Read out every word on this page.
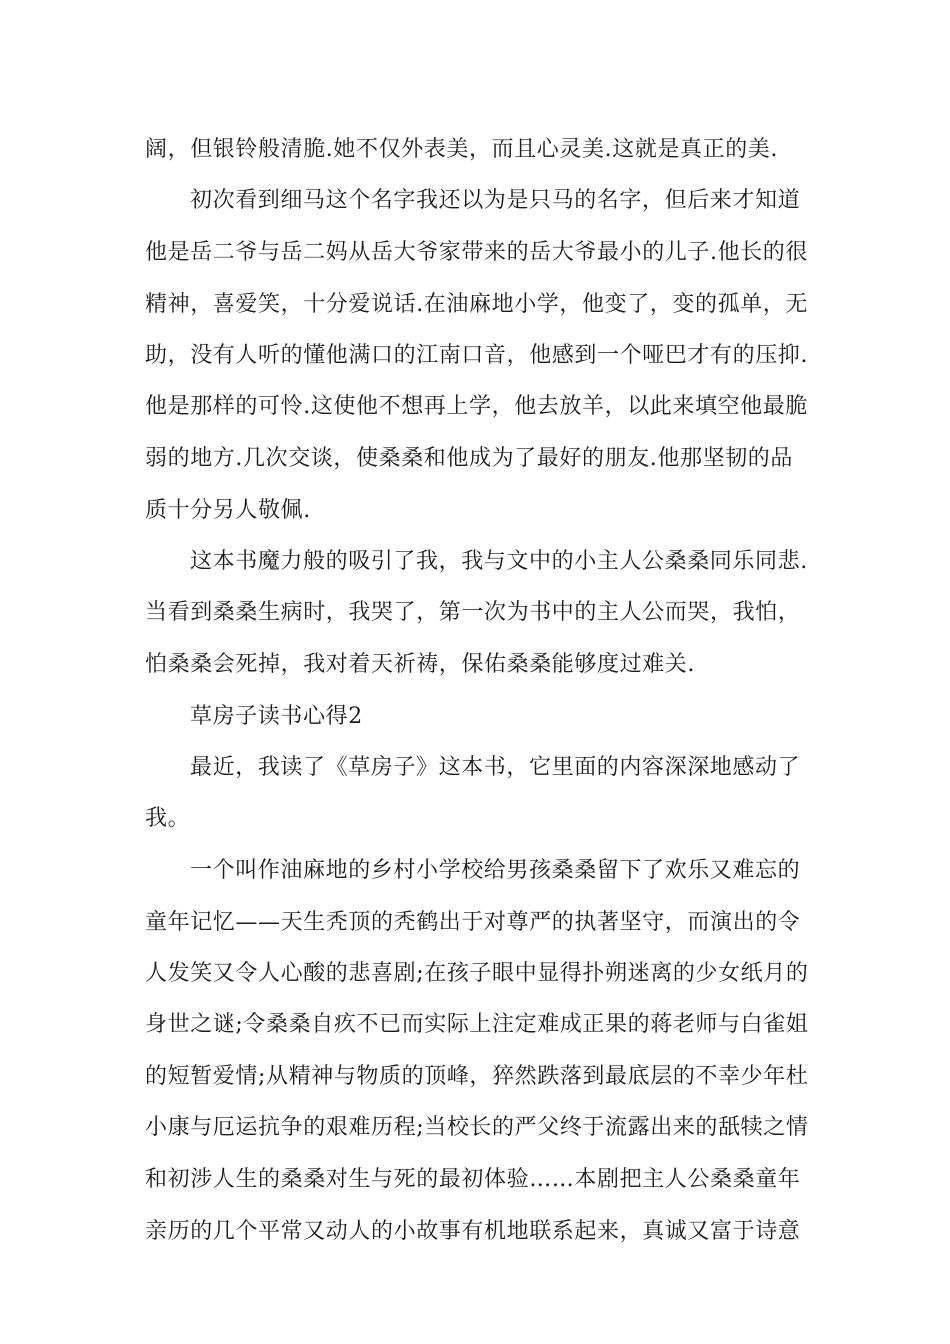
阔，但银铃般清脆.她不仅外表美，而且心灵美.这就是真正的美.
初次看到细马这个名字我还以为是只马的名字，但后来才知道
他是岳二爷与岳二妈从岳大爷家带来的岳大爷最小的儿子.他长的很
精神，喜爱笑，十分爱说话.在油麻地小学，他变了，变的孤单，无
助，没有人听的懂他满口的江南口音，他感到一个哑巴才有的压抑.
他是那样的可怜.这使他不想再上学，他去放羊，以此来填空他最脆
弱的地方.几次交谈，使桑桑和他成为了最好的朋友.他那坚韧的品
质十分另人敬佩.
这本书魔力般的吸引了我，我与文中的小主人公桑桑同乐同悲.
当看到桑桑生病时，我哭了，第一次为书中的主人公而哭，我怕，
怕桑桑会死掉，我对着天祈祷，保佑桑桑能够度过难关.
草房子读书心得2
最近，我读了《草房子》这本书，它里面的内容深深地感动了
我。
一个叫作油麻地的乡村小学校给男孩桑桑留下了欢乐又难忘的
童年记忆——天生秃顶的秃鹤出于对尊严的执著坚守，而演出的令
人发笑又令人心酸的悲喜剧;在孩子眼中显得扑朔迷离的少女纸月的
身世之谜;令桑桑自疚不已而实际上注定难成正果的蒋老师与白雀姐
的短暂爱情;从精神与物质的顶峰，猝然跌落到最底层的不幸少年杜
小康与厄运抗争的艰难历程;当校长的严父终于流露出来的舐犊之情
和初涉人生的桑桑对生与死的最初体验……本剧把主人公桑桑童年
亲历的几个平常又动人的小故事有机地联系起来，真诚又富于诗意
